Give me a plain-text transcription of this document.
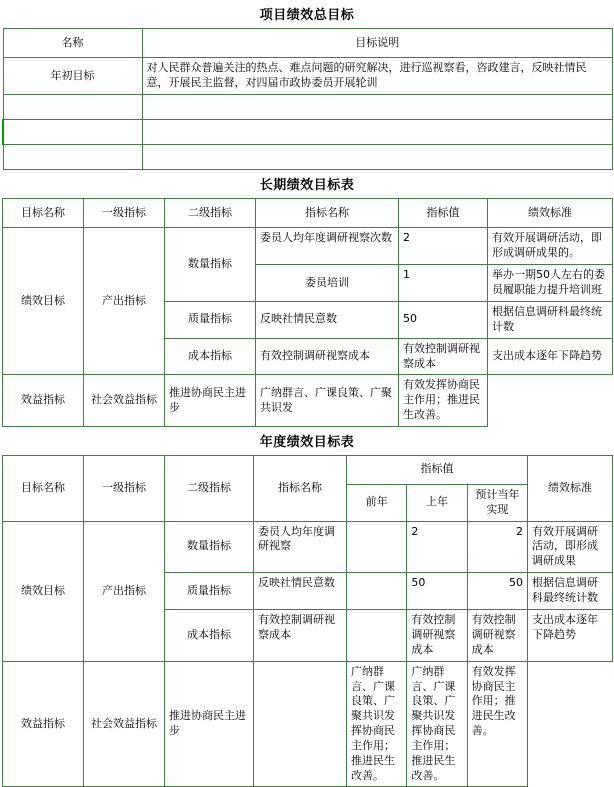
项目绩效总目标
名称	目标说明
年初目标	对人民群众普遍关注的热点、难点问题的研究解决，进行巡视察看，咨政建言，反映社情民意，开展民主监督，对四届市政协委员开展轮训

长期绩效目标表
目标名称	一级指标	二级指标	指标名称	指标值	绩效标准
绩效目标	产出指标	数量指标	委员人均年度调研视察次数	2	有效开展调研活动，即形成调研成果的。
			委员培训	1	举办一期50人左右的委员履职能力提升培训班
		质量指标	反映社情民意数	50	根据信息调研科最终统计数
		成本指标	有效控制调研视察成本	有效控制调研视察成本	支出成本逐年下降趋势
效益指标	社会效益指标	推进协商民主进步	广纳群言、广课良策、广聚共识发	有效发挥协商民主作用；推进民生改善。	
年度绩效目标表
目标名称	一级指标	二级指标	指标名称	指标值			绩效标准
				前年	上年	预计当年实现	
绩效目标	产出指标	数量指标	委员人均年度调研视察		2	2	有效开展调研活动，即形成调研成果
		质量指标	反映社情民意数		50	50	根据信息调研科最终统计数
		成本指标	有效控制调研视察成本		有效控制调研视察成本	有效控制调研视察成本	支出成本逐年下降趋势
效益指标	社会效益指标	推进协商民主进步		广纳群言、广课良策、广聚共识发挥协商民主作用；推进民生改善。	广纳群言、广课良策、广聚共识发挥协商民主作用；推进民生改善。	有效发挥协商民主作用；推进民生改善。	
